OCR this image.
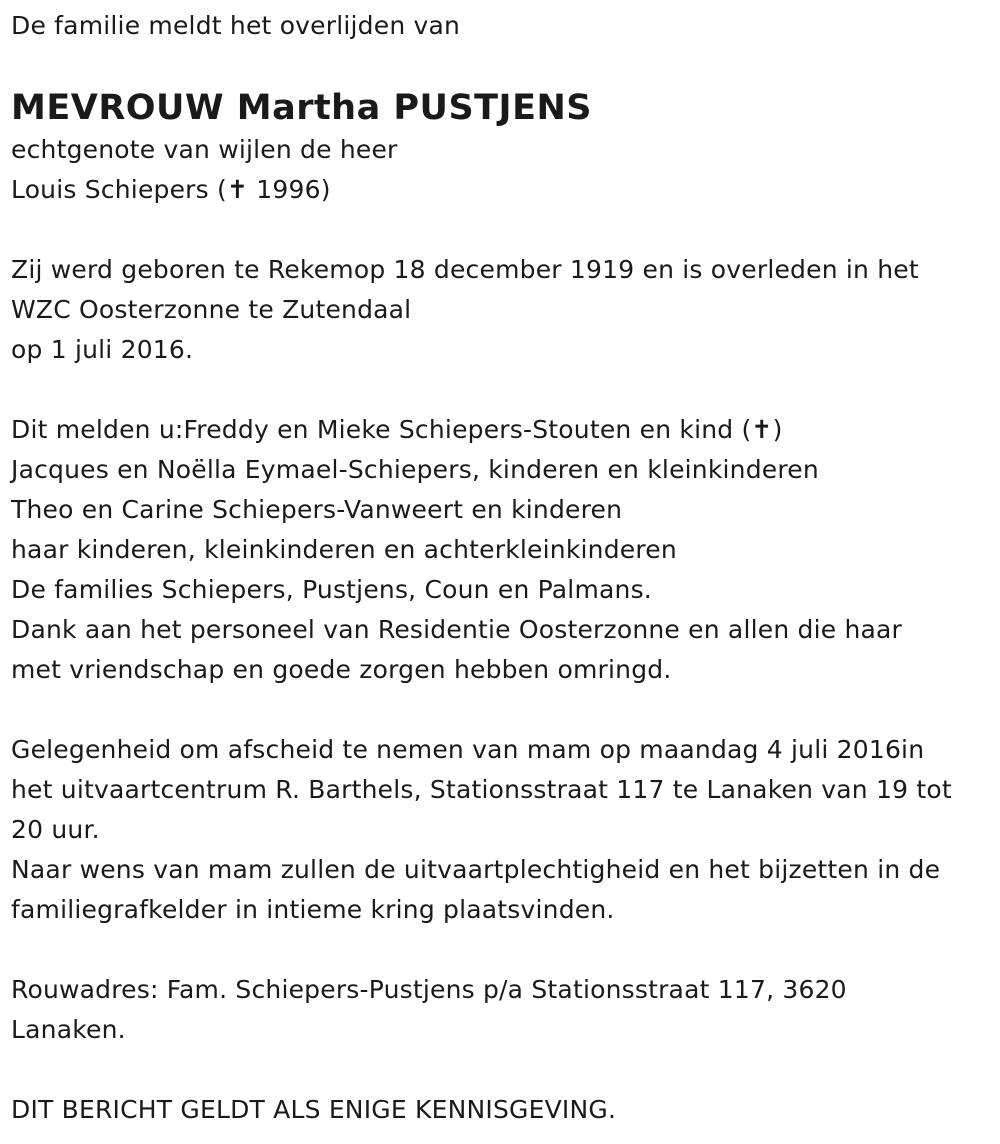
De familie meldt het overlijden van
MEVROUW Martha PUSTJENS
echtgenote van wijlen de heer
Louis Schiepers (✝ 1996)
Zij werd geboren te Rekemop 18 december 1919 en is overleden in het
WZC Oosterzonne te Zutendaal
op 1 juli 2016.
Dit melden u:Freddy en Mieke Schiepers-Stouten en kind (✝)
Jacques en Noëlla Eymael-Schiepers, kinderen en kleinkinderen
Theo en Carine Schiepers-Vanweert en kinderen
haar kinderen, kleinkinderen en achterkleinkinderen
De families Schiepers, Pustjens, Coun en Palmans.
Dank aan het personeel van Residentie Oosterzonne en allen die haar
met vriendschap en goede zorgen hebben omringd.
Gelegenheid om afscheid te nemen van mam op maandag 4 juli 2016in
het uitvaartcentrum R. Barthels, Stationsstraat 117 te Lanaken van 19 tot
20 uur.
Naar wens van mam zullen de uitvaartplechtigheid en het bijzetten in de
familiegrafkelder in intieme kring plaatsvinden.
Rouwadres: Fam. Schiepers-Pustjens p/a Stationsstraat 117, 3620
Lanaken.
DIT BERICHT GELDT ALS ENIGE KENNISGEVING.
